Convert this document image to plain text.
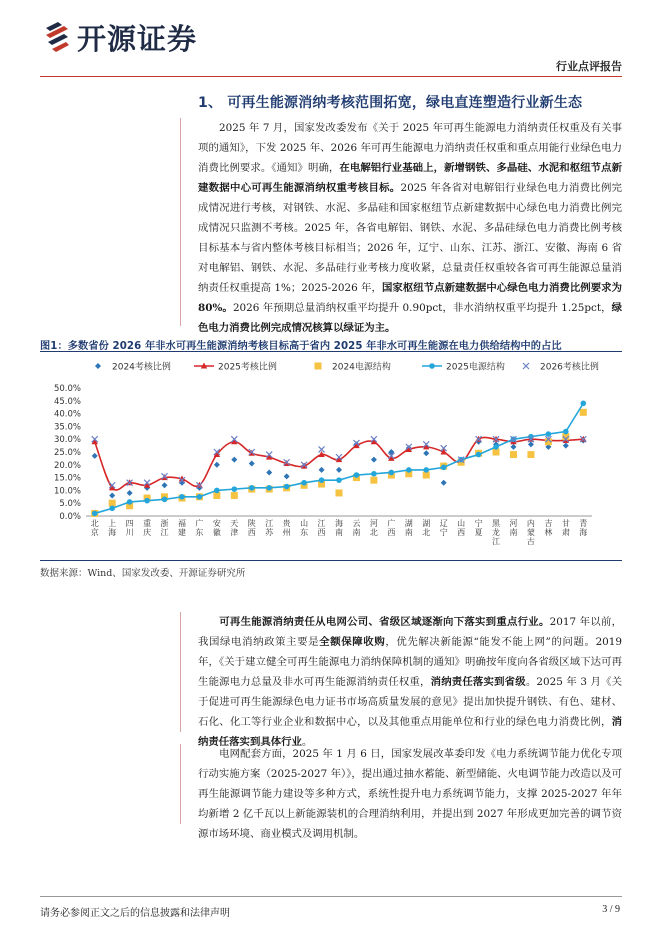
开源证券
行业点评报告
1、 可再生能源消纳考核范围拓宽，绿电直连塑造行业新生态

2025 年 7 月，国家发改委发布《关于 2025 年可再生能源电力消纳责任权重及有关事项的通知》，下发 2025 年、2026 年可再生能源电力消纳责任权重和重点用能行业绿色电力消费比例要求。《通知》明确，在电解铝行业基础上，新增钢铁、多晶硅、水泥和枢纽节点新建数据中心可再生能源消纳权重考核目标。2025 年各省对电解铝行业绿色电力消费比例完成情况进行考核，对钢铁、水泥、多晶硅和国家枢纽节点新建数据中心绿色电力消费比例完成情况只监测不考核。2025 年，各省电解铝、钢铁、水泥、多晶硅绿色电力消费比例考核目标基本与省内整体考核目标相当；2026 年，辽宁、山东、江苏、浙江、安徽、海南 6 省对电解铝、钢铁、水泥、多晶硅行业考核力度收紧，总量责任权重较各省可再生能源总量消纳责任权重提高 1%；2025-2026 年，国家枢纽节点新建数据中心绿色电力消费比例要求为 80%。2026 年预期总量消纳权重平均提升 0.90pct，非水消纳权重平均提升 1.25pct，绿色电力消费比例完成情况核算以绿证为主。

图1：多数省份 2026 年非水可再生能源消纳考核目标高于省内 2025 年非水可再生能源在电力供给结构中的占比
2024考核比例	2025考核比例	2024电源结构	2025电源结构	2026考核比例
0.0%
5.0%
10.0%
15.0%
20.0%
25.0%
30.0%
35.0%
40.0%
45.0%
50.0%
北京
上海
四川
重庆
浙江
福建
广东
安徽
天津
陕西
江苏
贵州
山东
江西
海南
云南
河北
广西
湖南
湖北
辽宁
山西
宁夏
黑龙江
河南
内蒙古
吉林
甘肃
青海
数据来源：Wind、国家发改委、开源证券研究所

可再生能源消纳责任从电网公司、省级区域逐渐向下落实到重点行业。2017 年以前，我国绿电消纳政策主要是全额保障收购，优先解决新能源“能发不能上网”的问题。2019 年，《关于建立健全可再生能源电力消纳保障机制的通知》明确按年度向各省级区域下达可再生能源电力总量及非水可再生能源消纳责任权重，消纳责任落实到省级。2025 年 3 月《关于促进可再生能源绿色电力证书市场高质量发展的意见》提出加快提升钢铁、有色、建材、石化、化工等行业企业和数据中心，以及其他重点用能单位和行业的绿色电力消费比例，消纳责任落实到具体行业。

电网配套方面，2025 年 1 月 6 日，国家发展改革委印发《电力系统调节能力优化专项行动实施方案（2025-2027 年）》，提出通过抽水蓄能、新型储能、火电调节能力改造以及可再生能源调节能力建设等多种方式，系统性提升电力系统调节能力，支撑 2025-2027 年年均新增 2 亿千瓦以上新能源装机的合理消纳利用，并提出到 2027 年形成更加完善的调节资源市场环境、商业模式及调用机制。

请务必参阅正文之后的信息披露和法律声明	3 / 9
